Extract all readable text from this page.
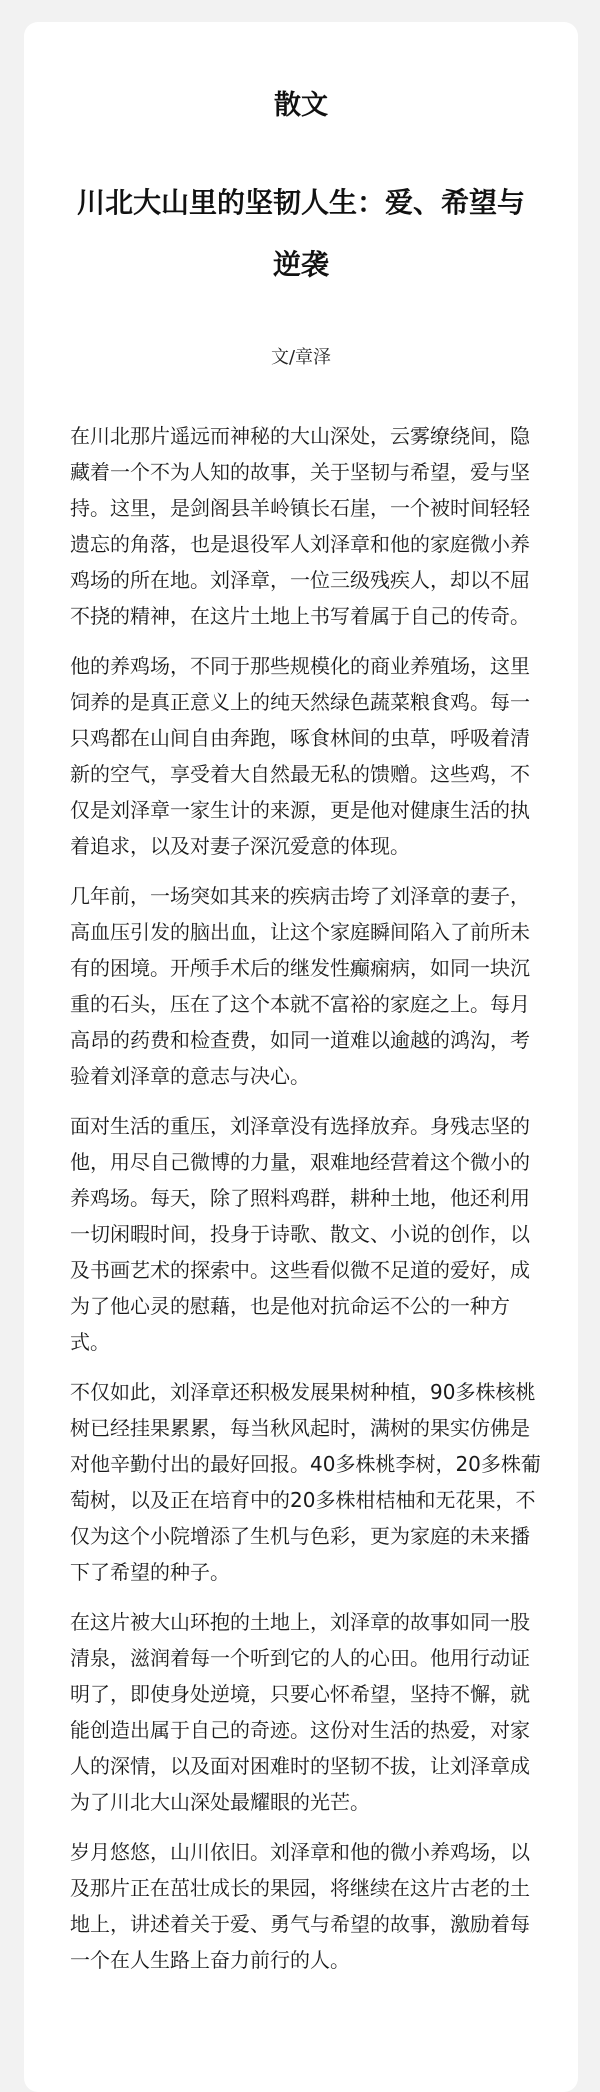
散文
川北大山里的坚韧人生：爱、希望与
逆袭
文/章泽
在川北那片遥远而神秘的大山深处，云雾缭绕间，隐
藏着一个不为人知的故事，关于坚韧与希望，爱与坚
持。这里，是剑阁县羊岭镇长石崖，一个被时间轻轻
遗忘的角落，也是退役军人刘泽章和他的家庭微小养
鸡场的所在地。刘泽章，一位三级残疾人，却以不屈
不挠的精神，在这片土地上书写着属于自己的传奇。
他的养鸡场，不同于那些规模化的商业养殖场，这里
饲养的是真正意义上的纯天然绿色蔬菜粮食鸡。每一
只鸡都在山间自由奔跑，啄食林间的虫草，呼吸着清
新的空气，享受着大自然最无私的馈赠。这些鸡，不
仅是刘泽章一家生计的来源，更是他对健康生活的执
着追求，以及对妻子深沉爱意的体现。
几年前，一场突如其来的疾病击垮了刘泽章的妻子，
高血压引发的脑出血，让这个家庭瞬间陷入了前所未
有的困境。开颅手术后的继发性癫痫病，如同一块沉
重的石头，压在了这个本就不富裕的家庭之上。每月
高昂的药费和检查费，如同一道难以逾越的鸿沟，考
验着刘泽章的意志与决心。
面对生活的重压，刘泽章没有选择放弃。身残志坚的
他，用尽自己微博的力量，艰难地经营着这个微小的
养鸡场。每天，除了照料鸡群，耕种土地，他还利用
一切闲暇时间，投身于诗歌、散文、小说的创作，以
及书画艺术的探索中。这些看似微不足道的爱好，成
为了他心灵的慰藉，也是他对抗命运不公的一种方
式。
不仅如此，刘泽章还积极发展果树种植，90多株核桃
树已经挂果累累，每当秋风起时，满树的果实仿佛是
对他辛勤付出的最好回报。40多株桃李树，20多株葡
萄树，以及正在培育中的20多株柑桔柚和无花果，不
仅为这个小院增添了生机与色彩，更为家庭的未来播
下了希望的种子。
在这片被大山环抱的土地上，刘泽章的故事如同一股
清泉，滋润着每一个听到它的人的心田。他用行动证
明了，即使身处逆境，只要心怀希望，坚持不懈，就
能创造出属于自己的奇迹。这份对生活的热爱，对家
人的深情，以及面对困难时的坚韧不拔，让刘泽章成
为了川北大山深处最耀眼的光芒。
岁月悠悠，山川依旧。刘泽章和他的微小养鸡场，以
及那片正在茁壮成长的果园，将继续在这片古老的土
地上，讲述着关于爱、勇气与希望的故事，激励着每
一个在人生路上奋力前行的人。
